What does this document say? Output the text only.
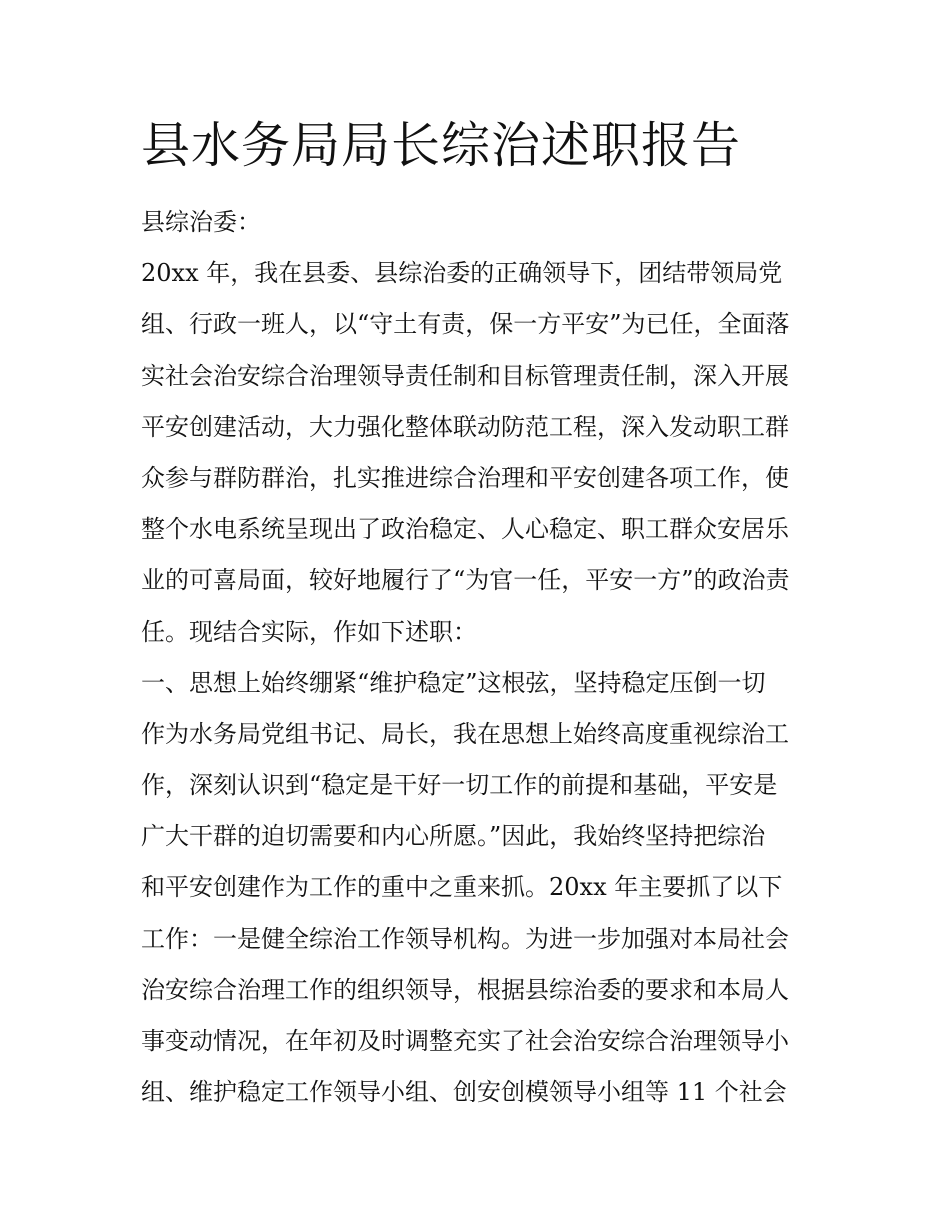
县水务局局长综治述职报告
县综治委：
20xx 年，我在县委、县综治委的正确领导下，团结带领局党
组、行政一班人，以“守土有责，保一方平安”为已任，全面落
实社会治安综合治理领导责任制和目标管理责任制，深入开展
平安创建活动，大力强化整体联动防范工程，深入发动职工群
众参与群防群治，扎实推进综合治理和平安创建各项工作，使
整个水电系统呈现出了政治稳定、人心稳定、职工群众安居乐
业的可喜局面，较好地履行了“为官一任，平安一方”的政治责
任。现结合实际，作如下述职：
一、思想上始终绷紧“维护稳定”这根弦，坚持稳定压倒一切
作为水务局党组书记、局长，我在思想上始终高度重视综治工
作，深刻认识到“稳定是干好一切工作的前提和基础，平安是
广大干群的迫切需要和内心所愿。”因此，我始终坚持把综治
和平安创建作为工作的重中之重来抓。20xx 年主要抓了以下
工作：一是健全综治工作领导机构。为进一步加强对本局社会
治安综合治理工作的组织领导，根据县综治委的要求和本局人
事变动情况，在年初及时调整充实了社会治安综合治理领导小
组、维护稳定工作领导小组、创安创模领导小组等 11 个社会
